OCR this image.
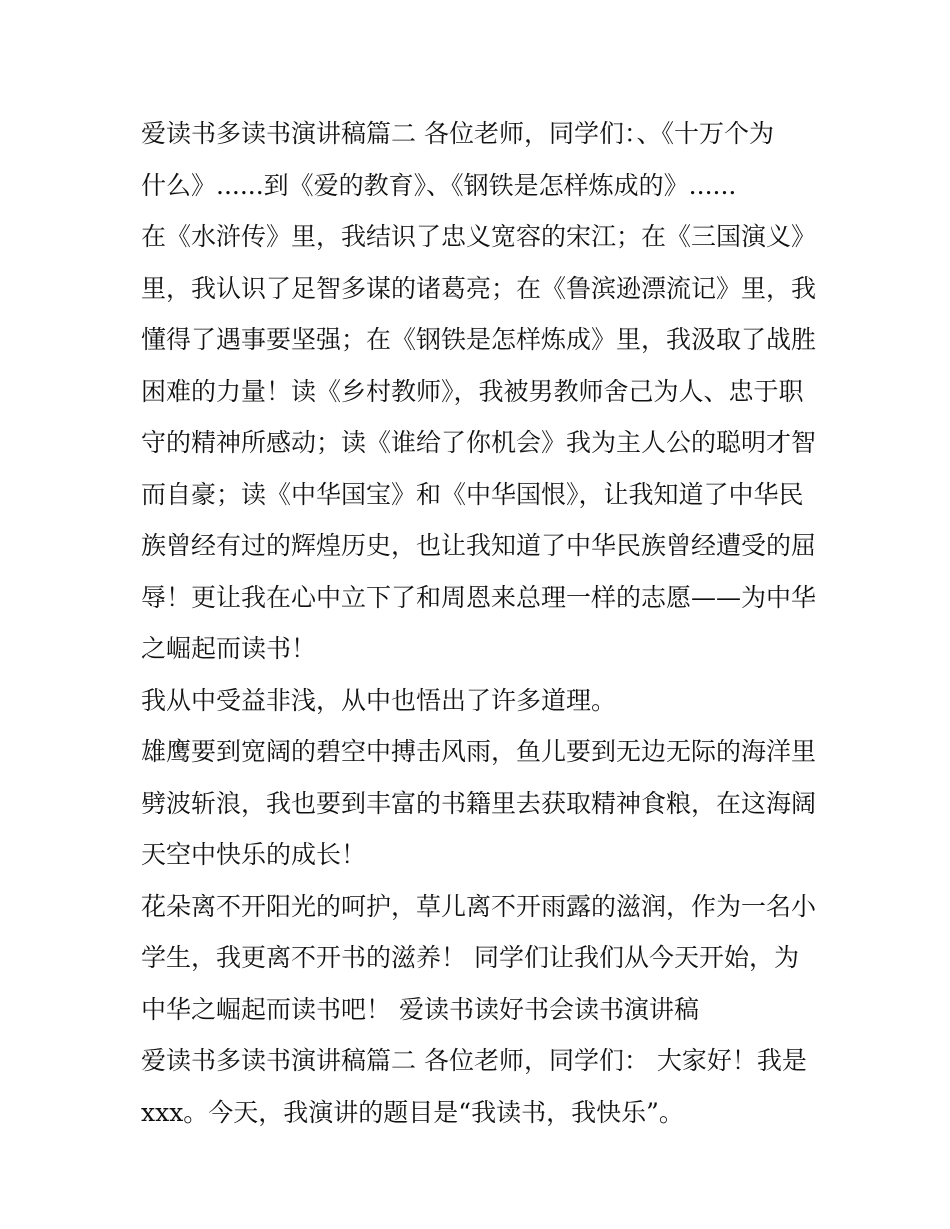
爱读书多读书演讲稿篇二 各位老师，同学们：、《十万个为
什么》......到《爱的教育》、《钢铁是怎样炼成的》......
在《水浒传》里，我结识了忠义宽容的宋江；在《三国演义》
里，我认识了足智多谋的诸葛亮；在《鲁滨逊漂流记》里，我
懂得了遇事要坚强；在《钢铁是怎样炼成》里，我汲取了战胜
困难的力量！读《乡村教师》，我被男教师舍己为人、忠于职
守的精神所感动；读《谁给了你机会》我为主人公的聪明才智
而自豪；读《中华国宝》和《中华国恨》，让我知道了中华民
族曾经有过的辉煌历史，也让我知道了中华民族曾经遭受的屈
辱！更让我在心中立下了和周恩来总理一样的志愿——为中华
之崛起而读书！
我从中受益非浅，从中也悟出了许多道理。
雄鹰要到宽阔的碧空中搏击风雨，鱼儿要到无边无际的海洋里
劈波斩浪，我也要到丰富的书籍里去获取精神食粮，在这海阔
天空中快乐的成长！
花朵离不开阳光的呵护，草儿离不开雨露的滋润，作为一名小
学生，我更离不开书的滋养！ 同学们让我们从今天开始，为
中华之崛起而读书吧！ 爱读书读好书会读书演讲稿
爱读书多读书演讲稿篇二 各位老师，同学们： 大家好！我是
xxx。今天，我演讲的题目是“我读书，我快乐”。
